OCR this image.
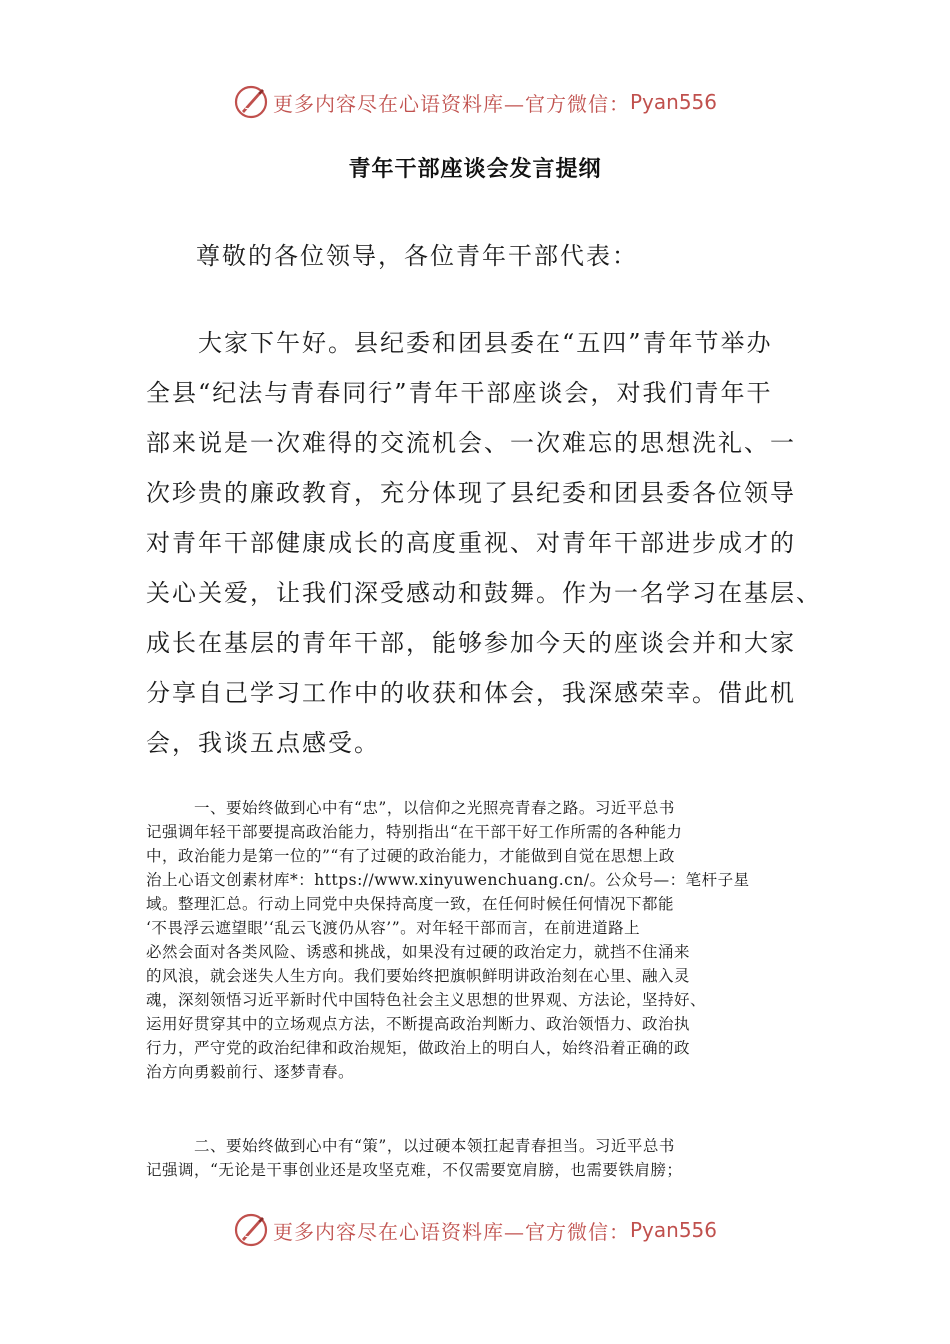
更多内容尽在心语资料库—官方微信： Pyan556
青年干部座谈会发言提纲
尊敬的各位领导，各位青年干部代表：
　　大家下午好。县纪委和团县委在“五四”青年节举办
全县“纪法与青春同行”青年干部座谈会，对我们青年干
部来说是一次难得的交流机会、一次难忘的思想洗礼、一
次珍贵的廉政教育，充分体现了县纪委和团县委各位领导
对青年干部健康成长的高度重视、对青年干部进步成才的
关心关爱，让我们深受感动和鼓舞。作为一名学习在基层、
成长在基层的青年干部，能够参加今天的座谈会并和大家
分享自己学习工作中的收获和体会，我深感荣幸。借此机
会，我谈五点感受。
　　　一、要始终做到心中有“忠”，以信仰之光照亮青春之路。习近平总书
记强调年轻干部要提高政治能力，特别指出“在干部干好工作所需的各种能力
中，政治能力是第一位的”“有了过硬的政治能力，才能做到自觉在思想上政
治上心语文创素材库*：https://www.xinyuwenchuang.cn/。公众号—：笔杆子星
域。整理汇总。行动上同党中央保持高度一致，在任何时候任何情况下都能
‘不畏浮云遮望眼’‘乱云飞渡仍从容’”。对年轻干部而言，在前进道路上
必然会面对各类风险、诱惑和挑战，如果没有过硬的政治定力，就挡不住涌来
的风浪，就会迷失人生方向。我们要始终把旗帜鲜明讲政治刻在心里、融入灵
魂，深刻领悟习近平新时代中国特色社会主义思想的世界观、方法论，坚持好、
运用好贯穿其中的立场观点方法，不断提高政治判断力、政治领悟力、政治执
行力，严守党的政治纪律和政治规矩，做政治上的明白人，始终沿着正确的政
治方向勇毅前行、逐梦青春。
　　　二、要始终做到心中有“策”，以过硬本领扛起青春担当。习近平总书
记强调，“无论是干事创业还是攻坚克难，不仅需要宽肩膀，也需要铁肩膀；
更多内容尽在心语资料库—官方微信： Pyan556
